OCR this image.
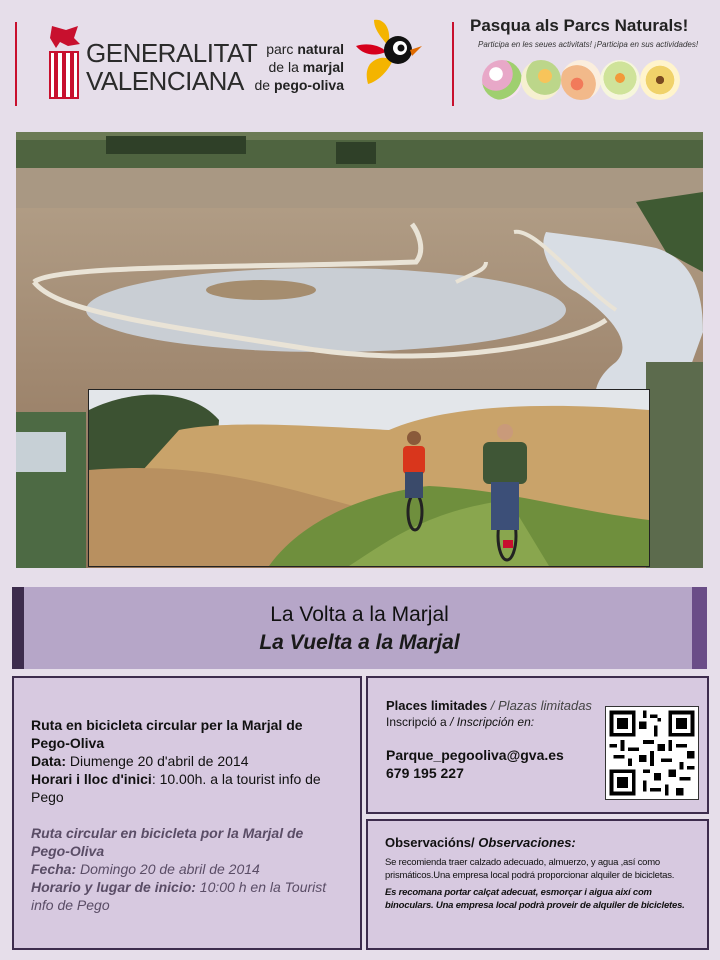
GENERALITAT
VALENCIANA
parc natural
de la marjal
de pego-oliva
Pasqua als Parcs Naturals!
Participa en les seues activitats! ¡Participa en sus actividades!
La Volta a la Marjal
La Vuelta a la Marjal

Ruta en bicicleta circular per la Marjal de Pego-Oliva
Data: Diumenge 20 d'abril de 2014
Horari i lloc d'inici: 10.00h. a la tourist info de Pego

Ruta circular en bicicleta por la Marjal de Pego-Oliva
Fecha: Domingo 20 de abril de 2014
Horario y lugar de inicio: 10:00 h en la Tourist info de Pego

Places limitades / Plazas limitadas
Inscripció a / Inscripción en:
Parque_pegooliva@gva.es
679 195 227
Observacións/ Observaciones:

Se recomienda traer calzado adecuado, almuerzo, y agua ,así como prismáticos.Una empresa local podrá proporcionar alquiler de bicicletas.

Es recomana portar calçat adecuat, esmorçar i aigua així com binoculars. Una empresa local podrà proveir de alquiler de bicicletes.
